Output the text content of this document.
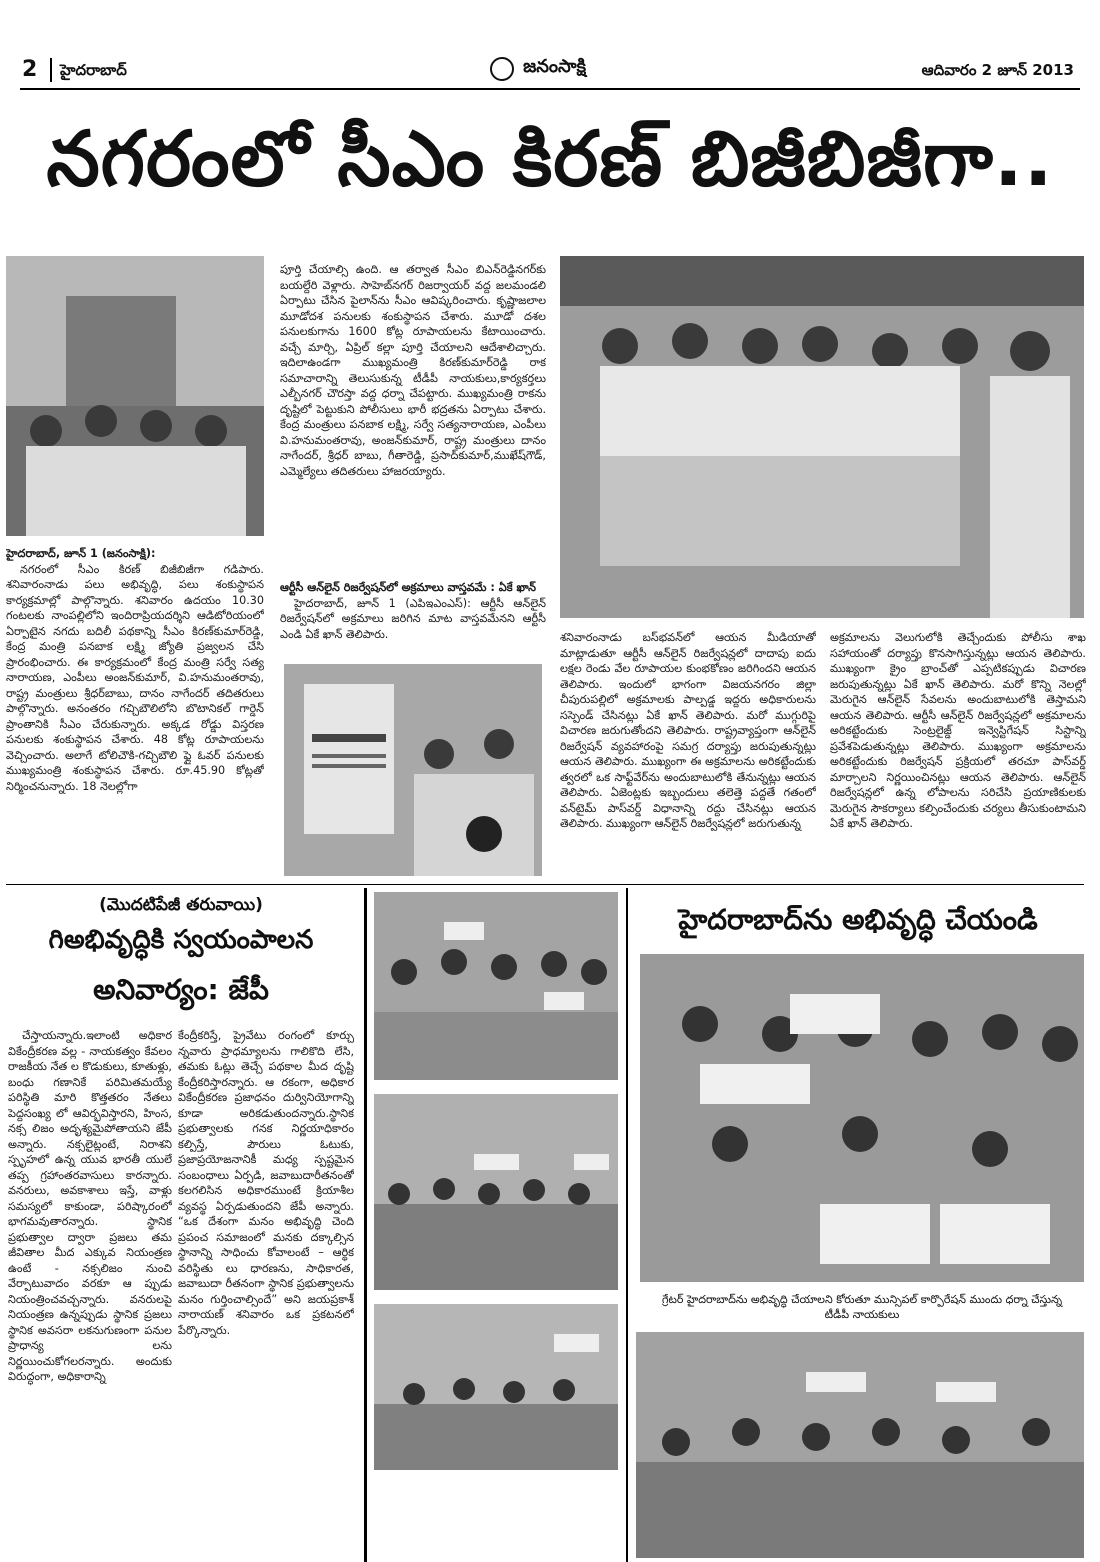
2	హైదరాబాద్	జనంసాక్షి	ఆదివారం 2 జూన్ 2013
నగరంలో సీఎం కిరణ్ బిజీబిజీగా..
హైదరాబాద్, జూన్ 1 (జనంసాక్షి):

నగరంలో సీఎం కిరణ్ బిజీబిజీగా గడిపారు. శనివారంనాడు పలు అభివృద్ధి, పలు శంకుస్థాపన కార్యక్రమాల్లో పాల్గొన్నారు. శనివారం ఉదయం 10.30 గంటలకు నాంపల్లిలోని ఇందిరాప్రియదర్శిని ఆడిటోరియంలో ఏర్పాటైన నగదు బదిలీ పథకాన్ని సీఎం కిరణ్‌కుమార్‌రెడ్డి, కేంద్ర మంత్రి పనబాక లక్ష్మి జ్యోతి ప్రజ్వలన చేసి ప్రారంభించారు. ఈ కార్యక్రమంలో కేంద్ర మంత్రి సర్వే సత్య నారాయణ, ఎంపీలు అంజన్‌కుమార్, వి.హనుమంతరావు, రాష్ట్ర మంత్రులు శ్రీధర్‌బాబు, దానం నాగేందర్ తదితరులు పాల్గొన్నారు. అనంతరం గచ్చిబౌలిలోని బొటానికల్ గార్డెన్ ప్రాంతానికి సీఎం చేరుకున్నారు. అక్కడ రోడ్డు విస్తరణ పనులకు శంకుస్థాపన చేశారు. 48 కోట్ల రూపాయలను వెచ్చించారు. అలాగే టోలిచౌకి-గచ్చిబౌలి ఫ్లై ఓవర్ పనులకు ముఖ్యమంత్రి శంకుస్థాపన చేశారు. రూ.45.90 కోట్లతో నిర్మించనున్నారు. 18 నెలల్లోగా

పూర్తి చేయాల్సి ఉంది. ఆ తర్వాత సీఎం బిఎన్‌రెడ్డినగర్‌కు బయల్దేరి వెళ్లారు. సాహెబ్‌నగర్ రిజర్వాయర్ వద్ద జలమండలి ఏర్పాటు చేసిన పైలాన్‌ను సీఎం ఆవిష్కరించారు. కృష్ణాజలాల మూడోదశ పనులకు శంకుస్థాపన చేశారు. మూడో దశల పనులకుగాను 1600 కోట్ల రూపాయలను కేటాయించారు. వచ్చే మార్చి, ఏప్రిల్ కల్లా పూర్తి చేయాలని ఆదేశాలిచ్చారు. ఇదిలాఉండగా ముఖ్యమంత్రి కిరణ్‌కుమార్‌రెడ్డి రాక సమాచారాన్ని తెలుసుకున్న టీడీపీ నాయకులు,కార్యకర్తలు ఎల్బీనగర్ చౌరస్తా వద్ద ధర్నా చేపట్టారు. ముఖ్యమంత్రి రాకను దృష్టిలో పెట్టుకుని పోలీసులు భారీ భద్రతను ఏర్పాటు చేశారు. కేంద్ర మంత్రులు పనబాక లక్ష్మి, సర్వే సత్యనారాయణ, ఎంపీలు వి.హనుమంతరావు, అంజన్‌కుమార్, రాష్ట్ర మంత్రులు దానం నాగేందర్, శ్రీధర్ బాబు, గీతారెడ్డి, ప్రసాద్‌కుమార్,ముఖేష్‌గౌడ్, ఎమ్మెల్యేలు తదితరులు హాజరయ్యారు.

ఆర్టీసీ ఆన్‌లైన్ రిజర్వేషన్‌లో అక్రమాలు వాస్తవమే : ఏకే ఖాన్

హైదరాబాద్, జూన్ 1 (ఎపిఇఎంఎస్): ఆర్టీసీ ఆన్‌లైన్ రిజర్వేషన్‌లో అక్రమాలు జరిగిన మాట వాస్తవమేనని ఆర్టీసీ ఎండి ఏకే ఖాన్ తెలిపారు.	శనివారంనాడు బస్‌భవన్‌లో ఆయన మీడియాతో మాట్లాడుతూ ఆర్టీసీ ఆన్‌లైన్ రిజర్వేషన్లలో దాదాపు ఐదు లక్షల రెండు వేల రూపాయల కుంభకోణం జరిగిందని ఆయన తెలిపారు. ఇందులో భాగంగా విజయనగరం జిల్లా చీపురుపల్లిలో అక్రమాలకు పాల్పడ్డ ఇద్దరు అధికారులను సస్పెండ్ చేసినట్లు ఏకే ఖాన్ తెలిపారు. మరో ముగ్గురిపై విచారణ జరుగుతోందని తెలిపారు. రాష్ట్రవ్యాప్తంగా ఆన్‌లైన్ రిజర్వేషన్ వ్యవహారంపై సమగ్ర దర్యాప్తు జరుపుతున్నట్లు ఆయన తెలిపారు. ముఖ్యంగా ఈ అక్రమాలను అరికట్టేందుకు త్వరలో ఒక సాఫ్ట్‌వేర్‌ను అందుబాటులోకి తేనున్నట్లు ఆయన తెలిపారు. ఏజెంట్లకు ఇబ్బందులు తలెత్తె పద్దతే గతంలో వన్‌టైమ్ పాస్‌వర్డ్ విధానాన్ని రద్దు చేసినట్లు ఆయన తెలిపారు. ముఖ్యంగా ఆన్‌లైన్ రిజర్వేషన్లలో జరుగుతున్న

అక్రమాలను వెలుగులోకి తెచ్చేందుకు పోలీసు శాఖ సహాయంతో దర్యాప్తు కొనసాగిస్తున్నట్లు ఆయన తెలిపారు. ముఖ్యంగా క్రైం బ్రాంచ్‌తో ఎప్పటికప్పుడు విచారణ జరుపుతున్నట్లు ఏకే ఖాన్ తెలిపారు. మరో కొన్ని నెలల్లో మెరుగైన ఆన్‌లైన్ సేవలను అందుబాటులోకి తెస్తామని ఆయన తెలిపారు. ఆర్టీసీ ఆన్‌లైన్ రిజర్వేషన్లలో అక్రమాలను అరికట్టేందుకు సెంట్రలైజ్డ్ ఇన్వెస్టిగేషన్ సిస్టాన్ని ప్రవేశపెడుతున్నట్లు తెలిపారు. ముఖ్యంగా అక్రమాలను అరికట్టేందుకు రిజర్వేషన్ ప్రక్రియలో తరచూ పాస్‌వర్డ్ మార్చాలని నిర్ణయించినట్లు ఆయన తెలిపారు. ఆన్‌లైన్ రిజర్వేషన్లలో ఉన్న లోపాలను సరిచేసి ప్రయాణికులకు మెరుగైన సౌకర్యాలు కల్పించేందుకు చర్యలు తీసుకుంటామని ఏకే ఖాన్ తెలిపారు.

(మొదటిపేజీ తరువాయి)
గిఅభివృద్ధికి స్వయంపాలన
అనివార్యం: జేపీ

చేస్తాయన్నారు.ఇలాంటి అధికార వికేంద్రీకరణ వల్ల - నాయకత్వం కేవలం రాజకీయ నేత ల కొడుకులు, కూతుళ్లు, బంధు గణానికే పరిమితమయ్యే పరిస్థితి మారి కొత్తతరం నేతలు పెద్దసంఖ్య లో ఆవిర్భవిస్తారని, హింస, నక్స లిజం అదృశ్యమైపోతాయని జేపీ అన్నారు. నక్సలైట్లంటే, నిరాశని స్పృహలో ఉన్న యువ భారతీ యులే తప్ప గ్రహాంతరవాసులు కారన్నారు. వనరులు, అవకాశాలు ఇస్తే, వాళ్లు సమస్యలో కాకుండా, పరిష్కారంలో భాగమవుతారన్నారు. స్థానిక ప్రభుత్వాల ద్వారా ప్రజలు తమ జీవితాల మీద ఎక్కువ నియంత్రణ ఉంటే - నక్సలిజం నుంచి వేర్పాటువాదం వరకూ ఆ ప్పుడు నియంత్రించవచ్చన్నారు. వనరులపై నియంత్రణ ఉన్నప్పుడు స్థానిక ప్రజలు స్థానిక అవసరా లకనుగుణంగా పనుల ప్రాధాన్య లను నిర్ణయించుకోగలరన్నారు. అందుకు విరుద్ధంగా, అధికారాన్ని

కేంద్రీకరిస్తే, ప్రైవేటు రంగంలో కూర్చు న్నవారు ప్రాధమ్యాలను గాలికొది లేసి, తమకు ఓట్లు తెచ్చే పథకాల మీద దృష్టి కేంద్రీకరిస్తారన్నారు. ఆ రకంగా, అధికార వికేంద్రీకరణ ప్రజాధనం దుర్వినియోగాన్ని కూడా అరికడుతుందన్నారు.స్థానిక ప్రభుత్వాలకు గనక నిర్ణయాధికారం కల్పిస్తే, పౌరులు ఓటుకు, ప్రజాప్రయోజనానికీ మధ్య స్పష్టమైన సంబంధాలు ఏర్పడి, జవాబుదారీతనంతో కలగలిసిన అధికారముంటే క్రియాశీల వ్యవస్థ ఏర్పడుతుందని జేపీ అన్నారు. “ఒక దేశంగా మనం అభివృద్ధి చెంది ప్రపంచ సమాజంలో మనకు దక్కాల్సిన స్థానాన్ని సాధించు కోవాలంటే – ఆర్థిక వరిస్థితు లు ధారణను, సాధికారత, జవాబుదా రీతనంగా స్థానిక ప్రభుత్వాలను మనం గుర్తించాల్సిందే” అని జయప్రకాశ్ నారాయణ్ శనివారం ఒక ప్రకటనలో పేర్కొన్నారు.

హైదరాబాద్‌ను అభివృద్ధి చేయండి
గ్రేటర్ హైదరాబాద్‌ను అభివృద్ధి చేయాలని కోరుతూ మున్సిపల్ కార్పొరేషన్ ముందు ధర్నా చేస్తున్న
టీడీపీ నాయకులు
